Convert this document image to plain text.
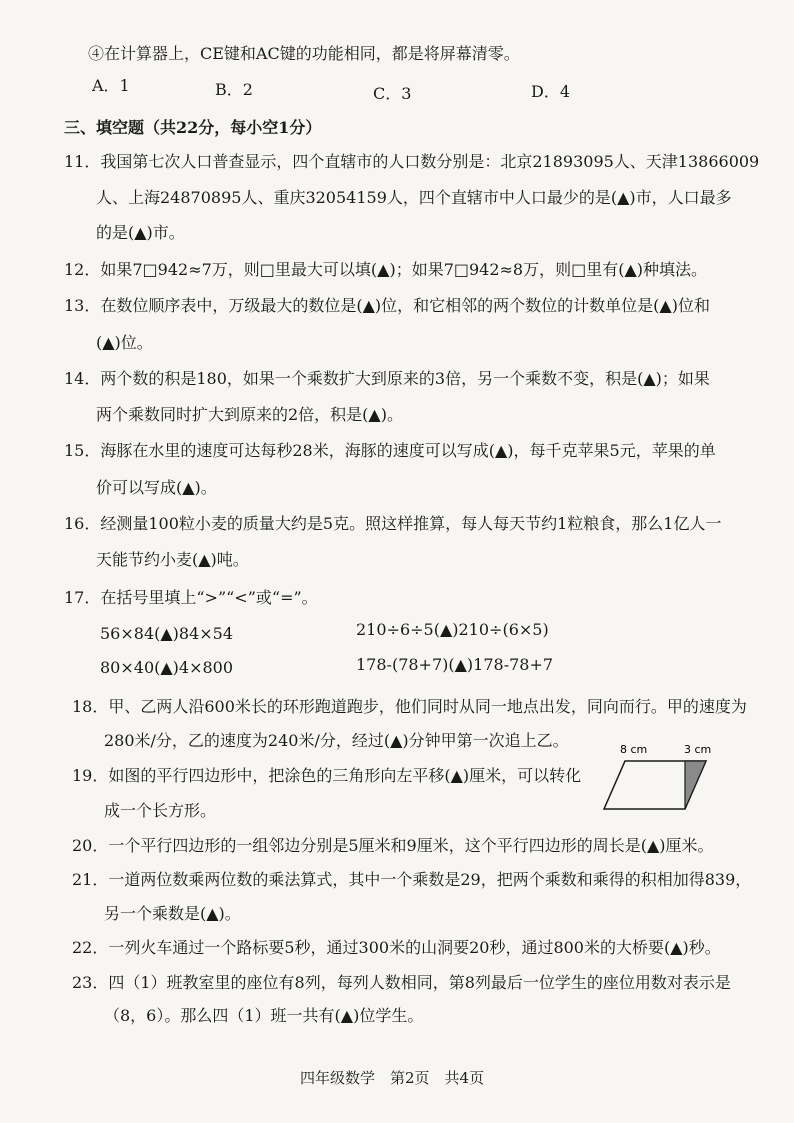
④在计算器上，CE键和AC键的功能相同，都是将屏幕清零。
A．1	B．2	C．3	D．4
三、填空题（共22分，每小空1分）
11．我国第七次人口普查显示，四个直辖市的人口数分别是：北京21893095人、天津13866009
人、上海24870895人、重庆32054159人，四个直辖市中人口最少的是(▲)市，人口最多
的是(▲)市。
12．如果7□942≈7万，则□里最大可以填(▲)；如果7□942≈8万，则□里有(▲)种填法。
13．在数位顺序表中，万级最大的数位是(▲)位，和它相邻的两个数位的计数单位是(▲)位和
(▲)位。
14．两个数的积是180，如果一个乘数扩大到原来的3倍，另一个乘数不变，积是(▲)；如果
两个乘数同时扩大到原来的2倍，积是(▲)。
15．海豚在水里的速度可达每秒28米，海豚的速度可以写成(▲)，每千克苹果5元，苹果的单
价可以写成(▲)。
16．经测量100粒小麦的质量大约是5克。照这样推算，每人每天节约1粒粮食，那么1亿人一
天能节约小麦(▲)吨。
17．在括号里填上“>”“<”或“=”。
56×84(▲)84×54	210÷6÷5(▲)210÷(6×5)
80×40(▲)4×800	178-(78+7)(▲)178-78+7
18．甲、乙两人沿600米长的环形跑道跑步，他们同时从同一地点出发，同向而行。甲的速度为
280米/分，乙的速度为240米/分，经过(▲)分钟甲第一次追上乙。
19．如图的平行四边形中，把涂色的三角形向左平移(▲)厘米，可以转化
成一个长方形。
8 cm	3 cm
20．一个平行四边形的一组邻边分别是5厘米和9厘米，这个平行四边形的周长是(▲)厘米。
21．一道两位数乘两位数的乘法算式，其中一个乘数是29，把两个乘数和乘得的积相加得839，
另一个乘数是(▲)。
22．一列火车通过一个路标要5秒，通过300米的山洞要20秒，通过800米的大桥要(▲)秒。
23．四（1）班教室里的座位有8列，每列人数相同，第8列最后一位学生的座位用数对表示是
（8，6）。那么四（1）班一共有(▲)位学生。
四年级数学　第2页　共4页
